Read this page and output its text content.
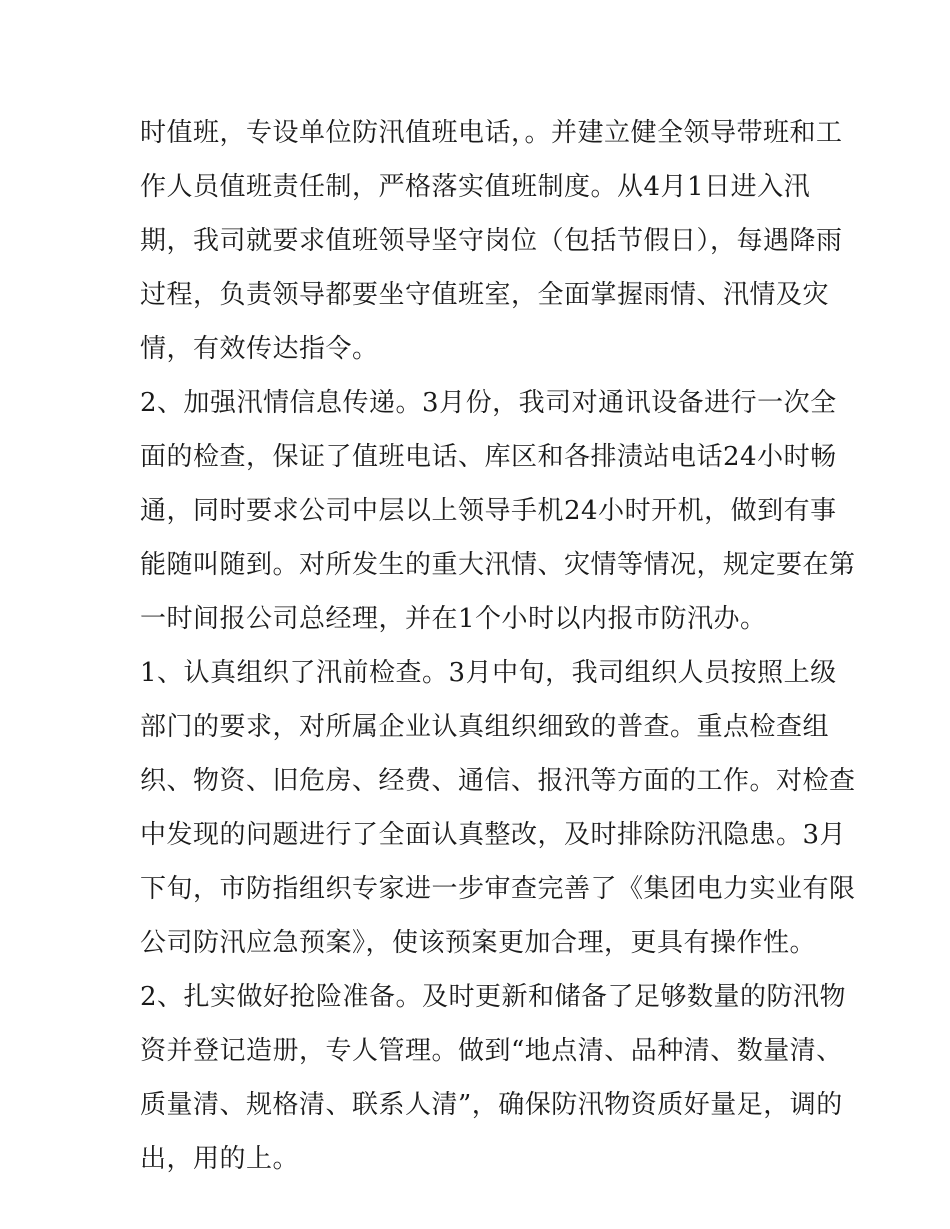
时值班，专设单位防汛值班电话，。并建立健全领导带班和工
作人员值班责任制，严格落实值班制度。从4月1日进入汛
期，我司就要求值班领导坚守岗位（包括节假日），每遇降雨
过程，负责领导都要坐守值班室，全面掌握雨情、汛情及灾
情，有效传达指令。
2、加强汛情信息传递。3月份，我司对通讯设备进行一次全
面的检查，保证了值班电话、库区和各排渍站电话24小时畅
通，同时要求公司中层以上领导手机24小时开机，做到有事
能随叫随到。对所发生的重大汛情、灾情等情况，规定要在第
一时间报公司总经理，并在1个小时以内报市防汛办。
1、认真组织了汛前检查。3月中旬，我司组织人员按照上级
部门的要求，对所属企业认真组织细致的普查。重点检查组
织、物资、旧危房、经费、通信、报汛等方面的工作。对检查
中发现的问题进行了全面认真整改，及时排除防汛隐患。3月
下旬，市防指组织专家进一步审查完善了《集团电力实业有限
公司防汛应急预案》，使该预案更加合理，更具有操作性。
2、扎实做好抢险准备。及时更新和储备了足够数量的防汛物
资并登记造册，专人管理。做到“地点清、品种清、数量清、
质量清、规格清、联系人清”，确保防汛物资质好量足，调的
出，用的上。
